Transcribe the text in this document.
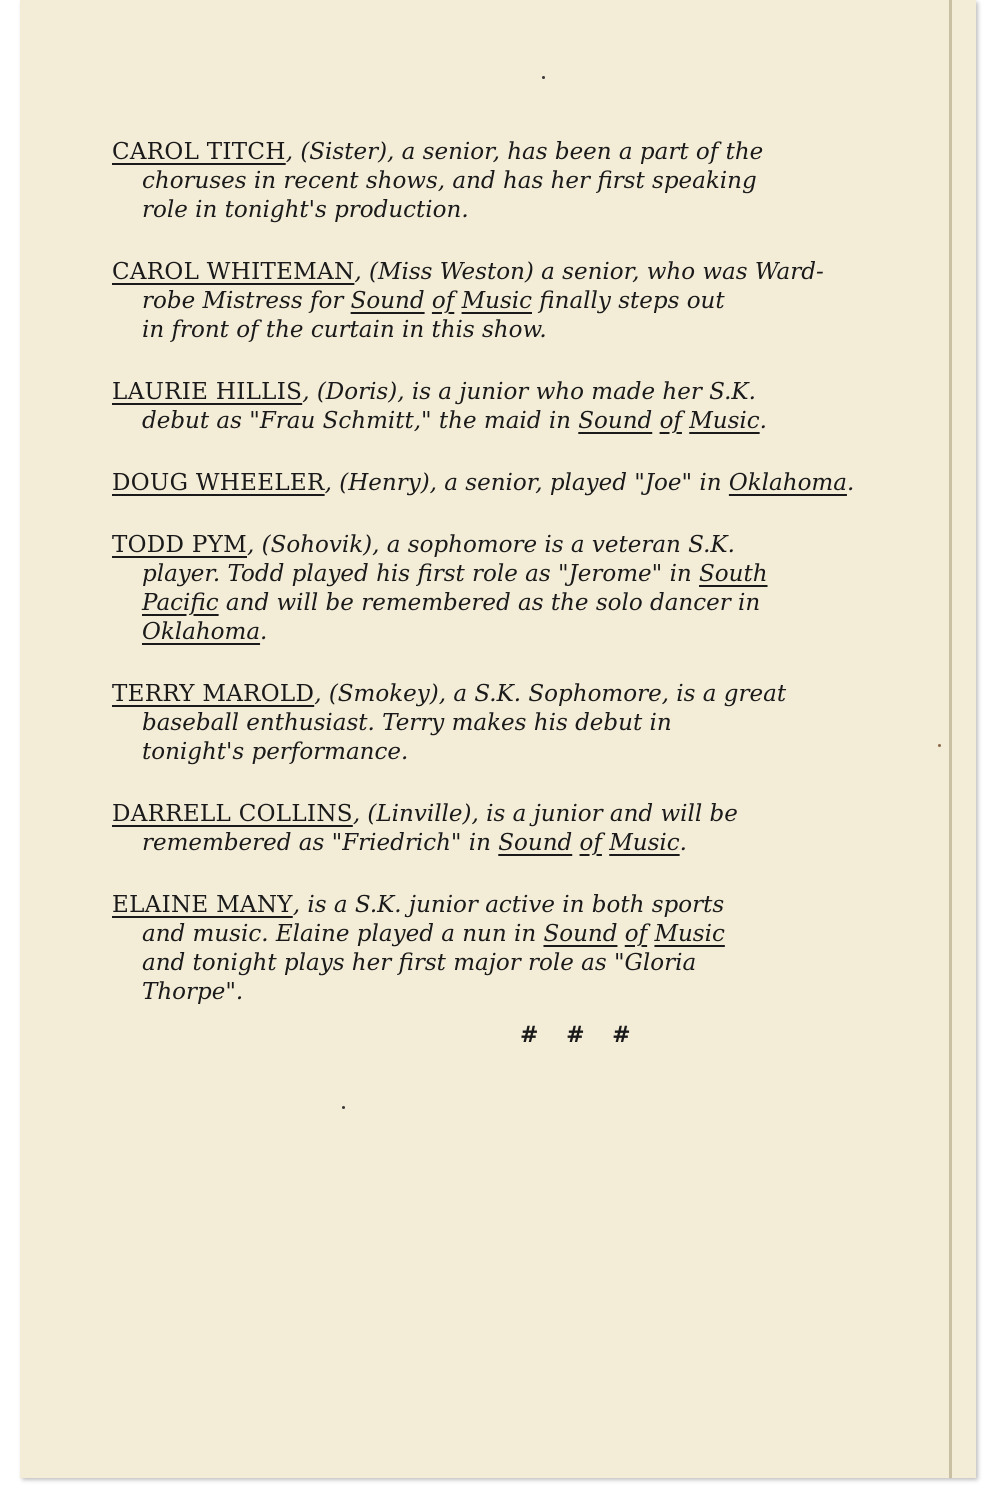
CAROL TITCH, (Sister), a senior, has been a part of the
choruses in recent shows, and has her first speaking
role in tonight's production.
CAROL WHITEMAN, (Miss Weston) a senior, who was Ward-
robe Mistress for Sound of Music finally steps out
in front of the curtain in this show.
LAURIE HILLIS, (Doris), is a junior who made her S.K.
debut as "Frau Schmitt," the maid in Sound of Music.
DOUG WHEELER, (Henry), a senior, played "Joe" in Oklahoma.
TODD PYM, (Sohovik), a sophomore is a veteran S.K.
player. Todd played his first role as "Jerome" in South
Pacific and will be remembered as the solo dancer in
Oklahoma.
TERRY MAROLD, (Smokey), a S.K. Sophomore, is a great
baseball enthusiast. Terry makes his debut in
tonight's performance.
DARRELL COLLINS, (Linville), is a junior and will be
remembered as "Friedrich" in Sound of Music.
ELAINE MANY, is a S.K. junior active in both sports
and music. Elaine played a nun in Sound of Music
and tonight plays her first major role as "Gloria
Thorpe".
# # #
